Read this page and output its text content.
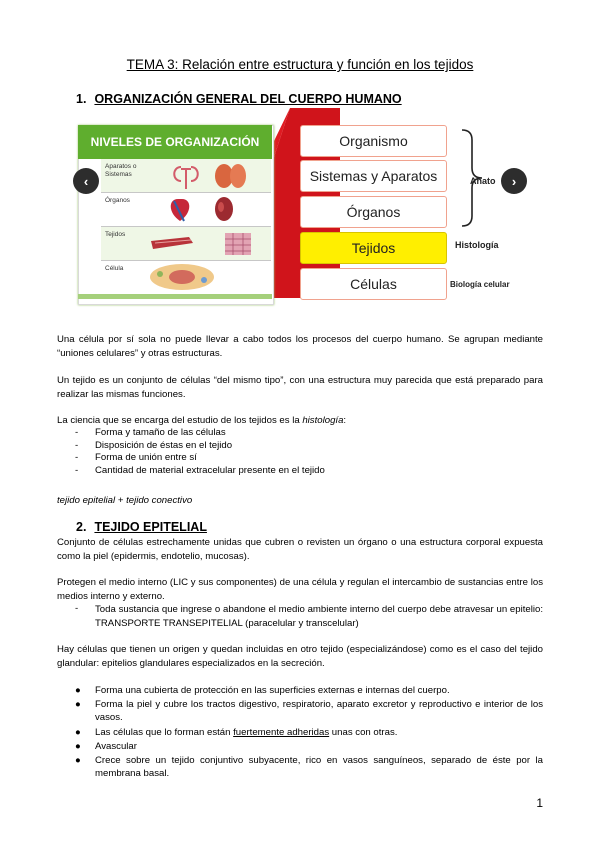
TEMA 3: Relación entre estructura y función en los tejidos
1. ORGANIZACIÓN GENERAL DEL CUERPO HUMANO
NIVELES DE ORGANIZACIÓN
Aparatos o Sistemas
Órganos
Tejidos
Célula
Organismo
Sistemas y Aparatos
Órganos
Tejidos
Células
Anato
Histología
Biología celular
‹	›
Una célula por sí sola no puede llevar a cabo todos los procesos del cuerpo humano. Se agrupan mediante “uniones celulares” y otras estructuras.
Un tejido es un conjunto de células “del mismo tipo”, con una estructura muy parecida que está preparado para realizar las mismas funciones.
La ciencia que se encarga del estudio de los tejidos es la histología:
-	Forma y tamaño de las células
-	Disposición de éstas en el tejido
-	Forma de unión entre sí
-	Cantidad de material extracelular presente en el tejido
tejido epitelial + tejido conectivo
2. TEJIDO EPITELIAL
Conjunto de células estrechamente unidas que cubren o revisten un órgano o una estructura corporal expuesta como la piel (epidermis, endotelio, mucosas).
Protegen el medio interno (LIC y sus componentes) de una célula y regulan el intercambio de sustancias entre los medios interno y externo.
-	Toda sustancia que ingrese o abandone el medio ambiente interno del cuerpo debe atravesar un epitelio: TRANSPORTE TRANSEPITELIAL (paracelular y transcelular)
Hay células que tienen un origen y quedan incluidas en otro tejido (especializándose) como es el caso del tejido glandular: epitelios glandulares especializados en la secreción.
●	Forma una cubierta de protección en las superficies externas e internas del cuerpo.
●	Forma la piel y cubre los tractos digestivo, respiratorio, aparato excretor y reproductivo e interior de los vasos.
●	Las células que lo forman están fuertemente adheridas unas con otras.
●	Avascular
●	Crece sobre un tejido conjuntivo subyacente, rico en vasos sanguíneos, separado de éste por la membrana basal.
1
